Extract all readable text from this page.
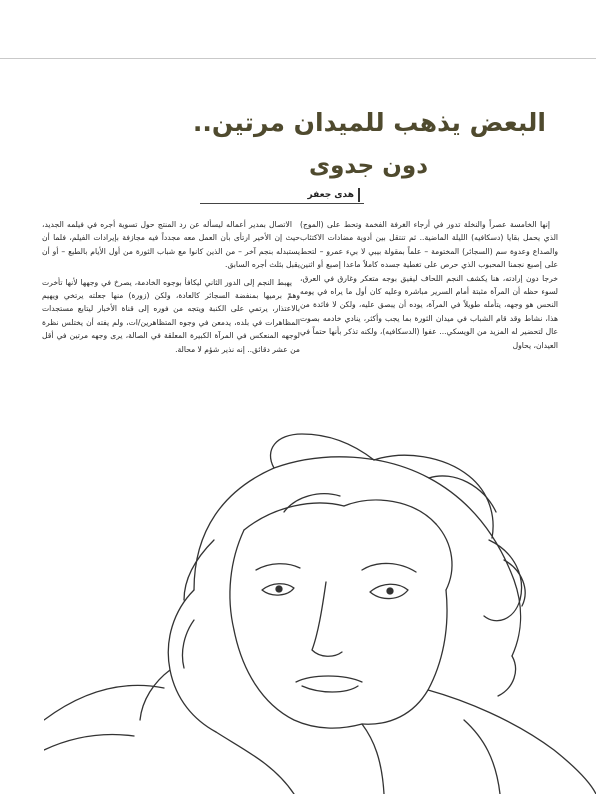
البعض يذهب للميدان مرتين..
دون جدوى
هدى جعفر

إنها الخامسة عصراً والنخلة تدور في أرجاء الغرفة الفخمة وتحط على (الموج) الذي يحمل بقايا (دسكافيه) الليلة الماضية.. ثم تنتقل بين أدوية مضادات الاكتئاب والصداع وعدوة سم (السجائر) المختومة – علماً بمقولة بيبي لا بيء عمرو – لتحط على إصبع نجمنا المحبوب الذي حرص على تغطية جسده كاملاً ماعدا إصبع أو اثنين خرجا دون إرادته، هنا يكشف النجم اللحاف ليفيق بوجه متعكر وغارق في العرق، لسوء حظه أن المرآة مثبتة أمام السرير مباشرة وعليه كان أول ما يراه في يومه النحس هو وجهه، يتأمله طويلاً في المرآة، يوده أن يبصق عليه، ولكن لا فائدة من هذا، نشاط وقد قام الشباب في ميدان الثورة بما يجب وأكثر، ينادي خادمه بصوت عال لتحضير له المزيد من الويسكي... عفوا (الدسكافيه)، ولكنه تذكر بأنها حتماً في العيدان، يحاول

الاتصال بمدير أعماله ليسأله عن رد المنتج حول تسوية أجره في فيلمه الجديد، حيث إن الأخير ارتأى بأن العمل معه مجدداً فيه مجازفة بإيرادات الفيلم، فلما أن يستبدله بنجم آخر – من الذين كانوا مع شباب الثورة من أول الأيام بالطبع – أو أن يقبل بثلث أجره السابق.

يهبط النجم إلى الدور الثاني ليكافأ بوجوه الخادمة، يصرخ في وجهها لأنها تأخرت وهمّ برميها بمنفضة السجائر كالعادة، ولكن (زورة) منها جعلته يرتخي ويهيم بالاعتذار، يرتمي على الكنبة ويتجه من فوره إلى قناة الأخبار ليتابع مستجدات المظاهرات في بلده، يدمعن في وجوه المتظاهرين/ات، ولم يفته أن يختلس نظرة لوجهه المنعكس في المرآة الكبيرة المعلقة في الصالة، يرى وجهه مرتين في أقل من عشر دقائق.. إنه نذير شؤم لا محالة.
